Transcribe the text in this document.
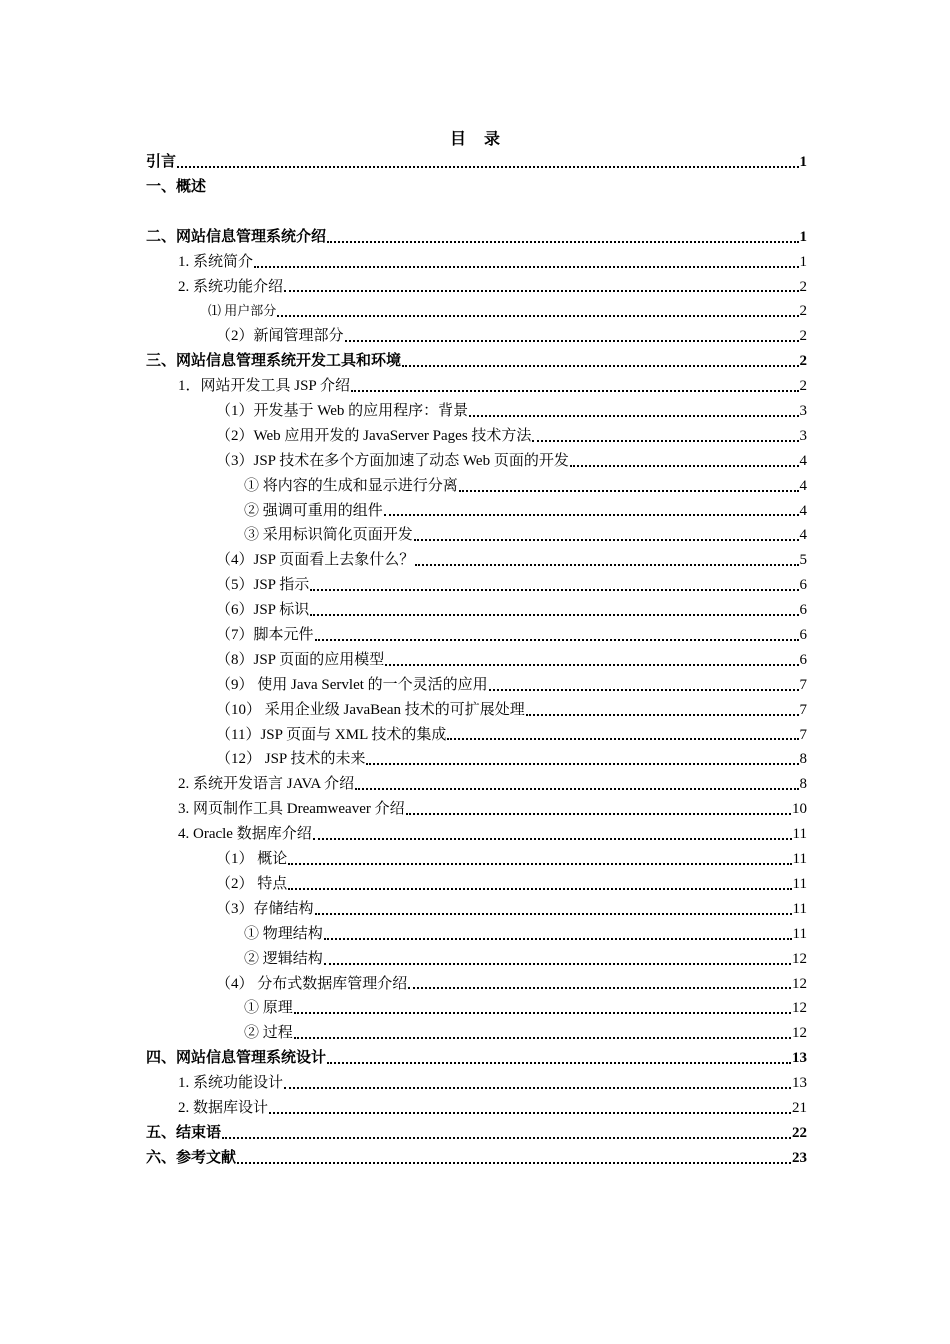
目录
引言	1
一、概述
二、网站信息管理系统介绍	1
1. 系统简介	1
2. 系统功能介绍	2
⑴ 用户部分	2
（2）新闻管理部分	2
三、网站信息管理系统开发工具和环境	2
1．网站开发工具 JSP 介绍	2
（1）开发基于 Web 的应用程序：背景	3
（2）Web 应用开发的 JavaServer Pages 技术方法	3
（3）JSP 技术在多个方面加速了动态 Web 页面的开发	4
① 将内容的生成和显示进行分离	4
② 强调可重用的组件	4
③ 采用标识简化页面开发	4
（4）JSP 页面看上去象什么？	5
（5）JSP 指示	6
（6）JSP 标识	6
（7）脚本元件	6
（8）JSP 页面的应用模型	6
（9） 使用 Java Servlet 的一个灵活的应用	7
（10） 采用企业级 JavaBean 技术的可扩展处理	7
（11）JSP 页面与 XML 技术的集成	7
（12） JSP 技术的未来	8
2. 系统开发语言 JAVA 介绍	8
3. 网页制作工具 Dreamweaver 介绍	10
4. Oracle 数据库介绍	11
（1） 概论	11
（2） 特点	11
（3）存储结构	11
① 物理结构	11
② 逻辑结构	12
（4） 分布式数据库管理介绍	12
① 原理	12
② 过程	12
四、网站信息管理系统设计	13
1. 系统功能设计	13
2. 数据库设计	21
五、结束语	22
六、参考文献	23
